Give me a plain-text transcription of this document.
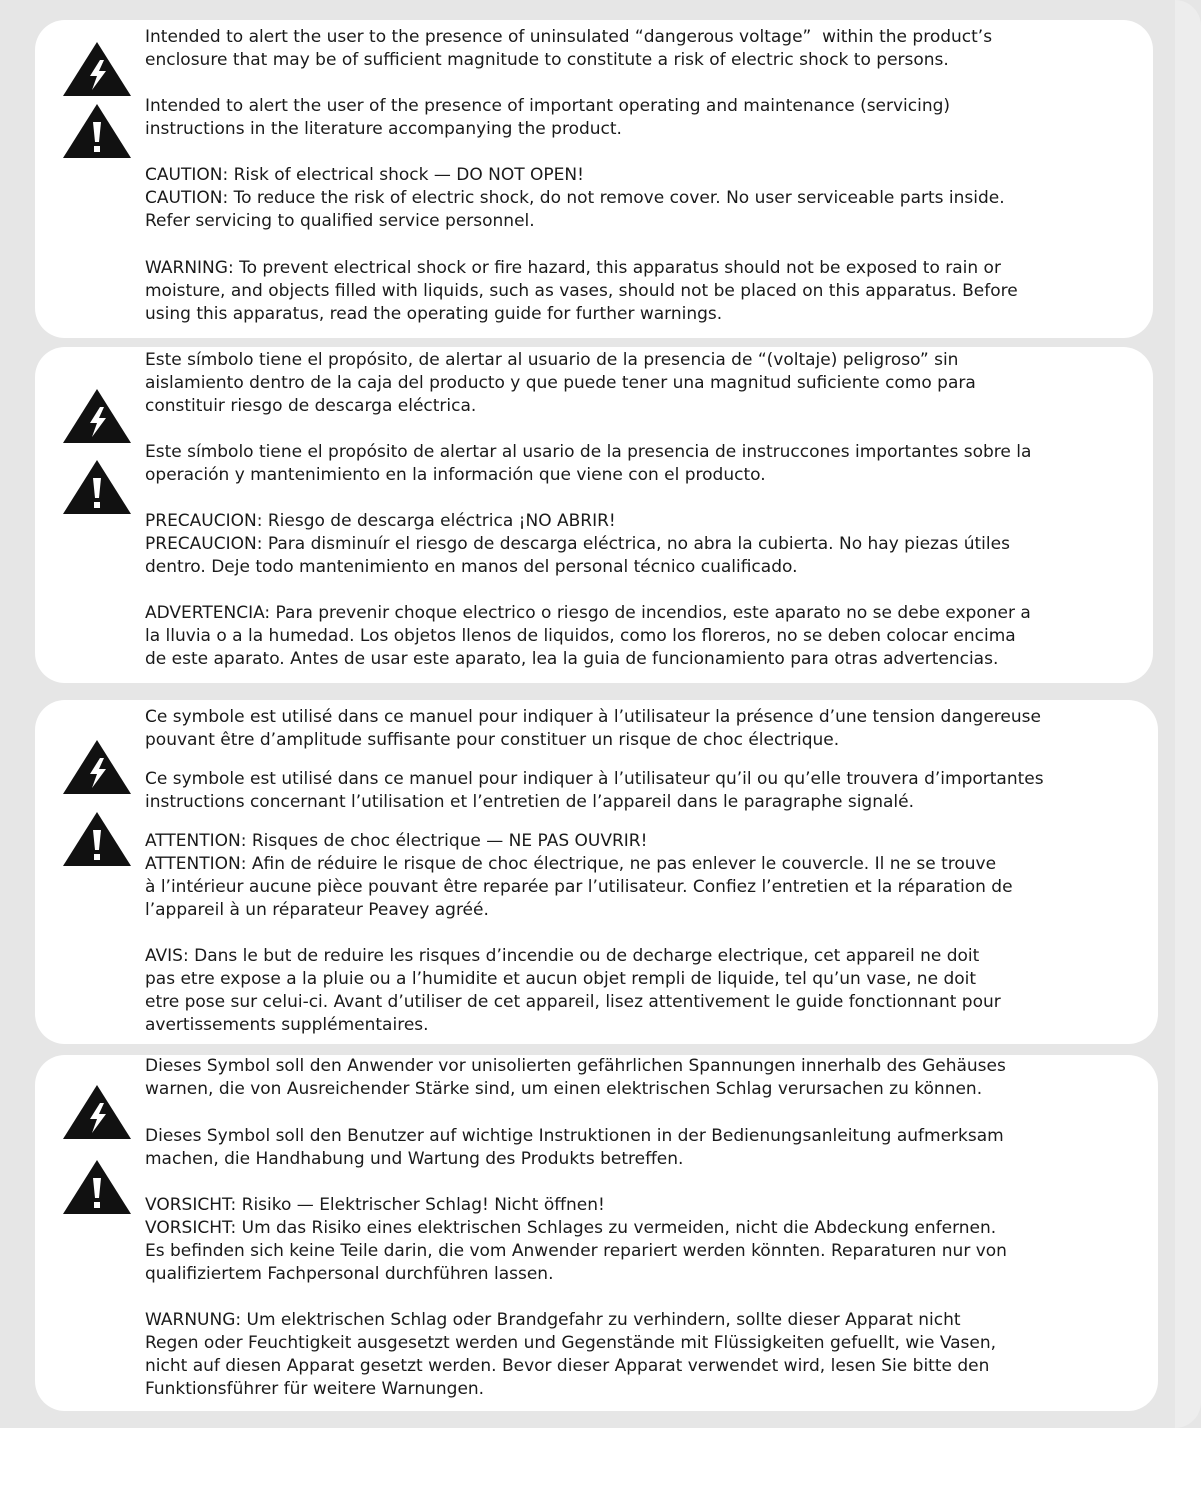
Intended to alert the user to the presence of uninsulated “dangerous voltage”  within the product’s
enclosure that may be of sufficient magnitude to constitute a risk of electric shock to persons.

Intended to alert the user of the presence of important operating and maintenance (servicing)
instructions in the literature accompanying the product.

CAUTION: Risk of electrical shock — DO NOT OPEN!
CAUTION: To reduce the risk of electric shock, do not remove cover. No user serviceable parts inside.
Refer servicing to qualified service personnel.

WARNING: To prevent electrical shock or fire hazard, this apparatus should not be exposed to rain or
moisture, and objects filled with liquids, such as vases, should not be placed on this apparatus. Before
using this apparatus, read the operating guide for further warnings.

Este símbolo tiene el propósito, de alertar al usuario de la presencia de “(voltaje) peligroso” sin
aislamiento dentro de la caja del producto y que puede tener una magnitud suficiente como para
constituir riesgo de descarga eléctrica.

Este símbolo tiene el propósito de alertar al usario de la presencia de instruccones importantes sobre la
operación y mantenimiento en la información que viene con el producto.

PRECAUCION: Riesgo de descarga eléctrica ¡NO ABRIR!
PRECAUCION: Para disminuír el riesgo de descarga eléctrica, no abra la cubierta. No hay piezas útiles
dentro. Deje todo mantenimiento en manos del personal técnico cualificado.

ADVERTENCIA: Para prevenir choque electrico o riesgo de incendios, este aparato no se debe exponer a
la lluvia o a la humedad. Los objetos llenos de liquidos, como los floreros, no se deben colocar encima
de este aparato. Antes de usar este aparato, lea la guia de funcionamiento para otras advertencias.

Ce symbole est utilisé dans ce manuel pour indiquer à l’utilisateur la présence d’une tension dangereuse
pouvant être d’amplitude suffisante pour constituer un risque de choc électrique.

Ce symbole est utilisé dans ce manuel pour indiquer à l’utilisateur qu’il ou qu’elle trouvera d’importantes
instructions concernant l’utilisation et l’entretien de l’appareil dans le paragraphe signalé.

ATTENTION: Risques de choc électrique — NE PAS OUVRIR!
ATTENTION: Afin de réduire le risque de choc électrique, ne pas enlever le couvercle. Il ne se trouve
à l’intérieur aucune pièce pouvant être reparée par l’utilisateur. Confiez l’entretien et la réparation de
l’appareil à un réparateur Peavey agréé.

AVIS: Dans le but de reduire les risques d’incendie ou de decharge electrique, cet appareil ne doit
pas etre expose a la pluie ou a l’humidite et aucun objet rempli de liquide, tel qu’un vase, ne doit
etre pose sur celui-ci. Avant d’utiliser de cet appareil, lisez attentivement le guide fonctionnant pour
avertissements supplémentaires.

Dieses Symbol soll den Anwender vor unisolierten gefährlichen Spannungen innerhalb des Gehäuses
warnen, die von Ausreichender Stärke sind, um einen elektrischen Schlag verursachen zu können.

Dieses Symbol soll den Benutzer auf wichtige Instruktionen in der Bedienungsanleitung aufmerksam
machen, die Handhabung und Wartung des Produkts betreffen.

VORSICHT: Risiko — Elektrischer Schlag! Nicht öffnen!
VORSICHT: Um das Risiko eines elektrischen Schlages zu vermeiden, nicht die Abdeckung enfernen.
Es befinden sich keine Teile darin, die vom Anwender repariert werden könnten. Reparaturen nur von
qualifiziertem Fachpersonal durchführen lassen.

WARNUNG: Um elektrischen Schlag oder Brandgefahr zu verhindern, sollte dieser Apparat nicht
Regen oder Feuchtigkeit ausgesetzt werden und Gegenstände mit Flüssigkeiten gefuellt, wie Vasen,
nicht auf diesen Apparat gesetzt werden. Bevor dieser Apparat verwendet wird, lesen Sie bitte den
Funktionsführer für weitere Warnungen.
